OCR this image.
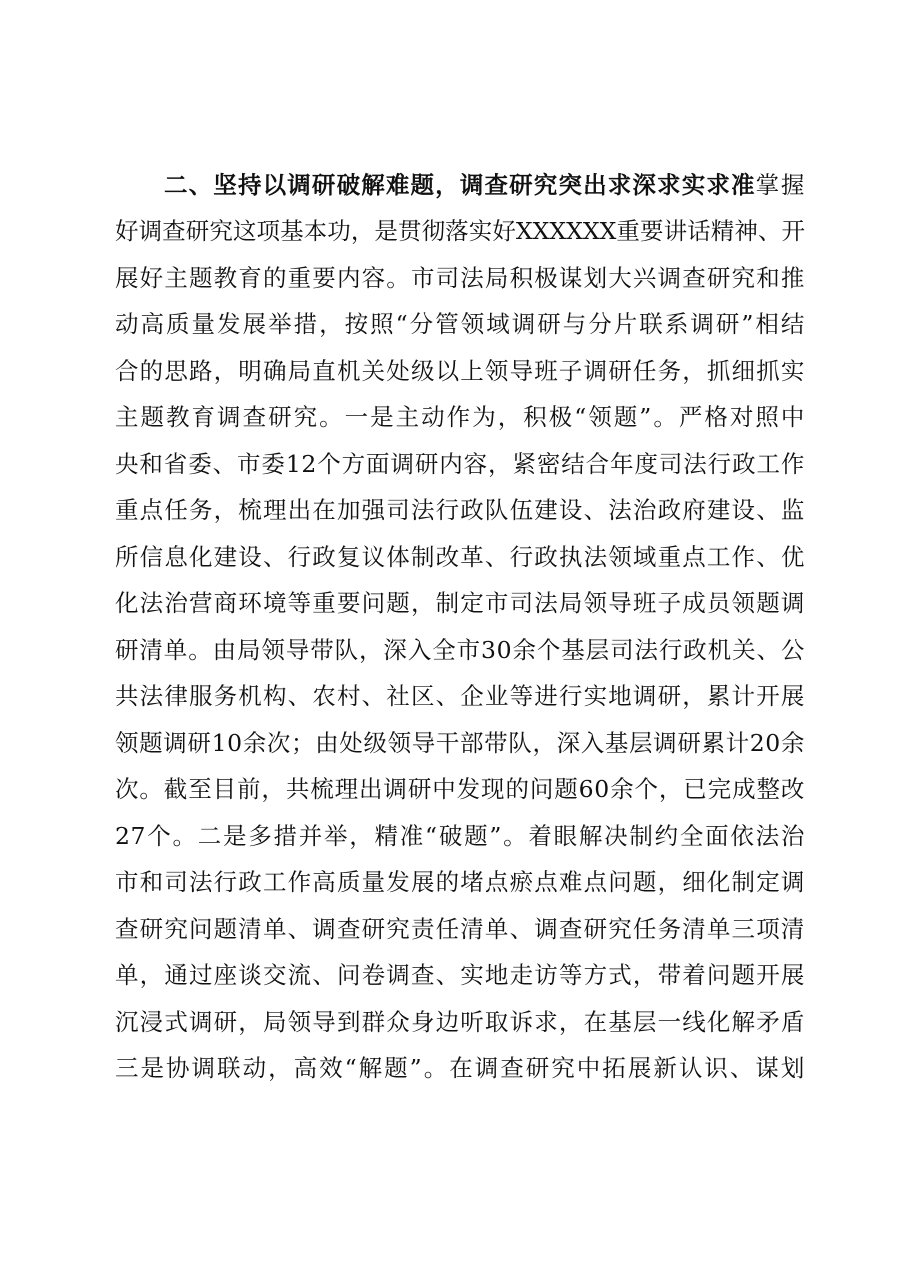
二、坚持以调研破解难题，调查研究突出求深求实求准掌握
好调查研究这项基本功，是贯彻落实好XXXXXX重要讲话精神、开
展好主题教育的重要内容。市司法局积极谋划大兴调查研究和推
动高质量发展举措，按照“分管领域调研与分片联系调研”相结
合的思路，明确局直机关处级以上领导班子调研任务，抓细抓实
主题教育调查研究。一是主动作为，积极“领题”。严格对照中
央和省委、市委12个方面调研内容，紧密结合年度司法行政工作
重点任务，梳理出在加强司法行政队伍建设、法治政府建设、监
所信息化建设、行政复议体制改革、行政执法领域重点工作、优
化法治营商环境等重要问题，制定市司法局领导班子成员领题调
研清单。由局领导带队，深入全市30余个基层司法行政机关、公
共法律服务机构、农村、社区、企业等进行实地调研，累计开展
领题调研10余次；由处级领导干部带队，深入基层调研累计20余
次。截至目前，共梳理出调研中发现的问题60余个，已完成整改
27个。二是多措并举，精准“破题”。着眼解决制约全面依法治
市和司法行政工作高质量发展的堵点瘀点难点问题，细化制定调
查研究问题清单、调查研究责任清单、调查研究任务清单三项清
单，通过座谈交流、问卷调查、实地走访等方式，带着问题开展
沉浸式调研，局领导到群众身边听取诉求，在基层一线化解矛盾
三是协调联动，高效“解题”。在调查研究中拓展新认识、谋划
